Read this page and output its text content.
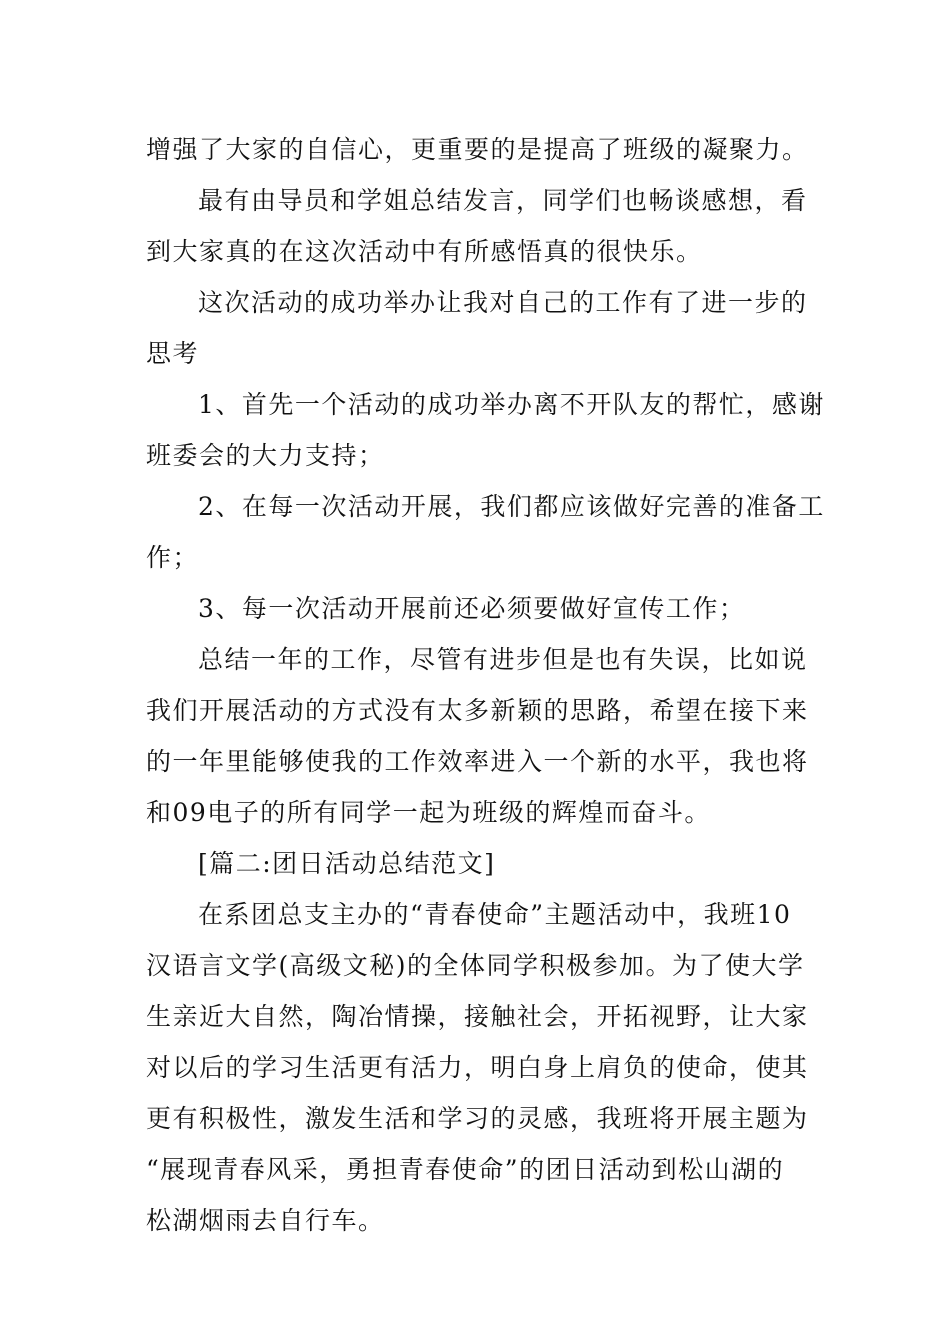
增强了大家的自信心，更重要的是提高了班级的凝聚力。
最有由导员和学姐总结发言，同学们也畅谈感想，看
到大家真的在这次活动中有所感悟真的很快乐。
这次活动的成功举办让我对自己的工作有了进一步的
思考
1、首先一个活动的成功举办离不开队友的帮忙，感谢
班委会的大力支持；
2、在每一次活动开展，我们都应该做好完善的准备工
作；
3、每一次活动开展前还必须要做好宣传工作；
总结一年的工作，尽管有进步但是也有失误，比如说
我们开展活动的方式没有太多新颖的思路，希望在接下来
的一年里能够使我的工作效率进入一个新的水平，我也将
和09电子的所有同学一起为班级的辉煌而奋斗。
[篇二:团日活动总结范文]
在系团总支主办的“青春使命”主题活动中，我班10
汉语言文学(高级文秘)的全体同学积极参加。为了使大学
生亲近大自然，陶冶情操，接触社会，开拓视野，让大家
对以后的学习生活更有活力，明白身上肩负的使命，使其
更有积极性，激发生活和学习的灵感，我班将开展主题为
“展现青春风采，勇担青春使命”的团日活动到松山湖的
松湖烟雨去自行车。
